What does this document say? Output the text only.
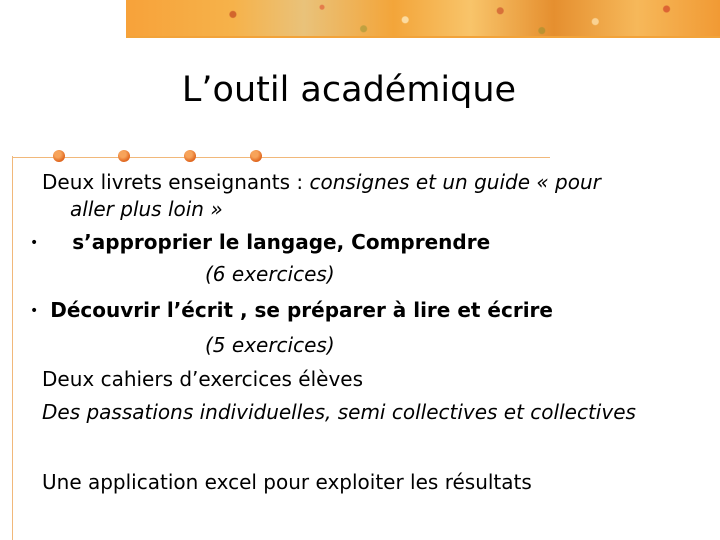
L’outil académique
Deux livrets enseignants : consignes et un guide « pour
aller plus loin »
• s’approprier le langage, Comprendre
(6 exercices)
• Découvrir l’écrit , se préparer à lire et écrire
(5 exercices)
Deux cahiers d’exercices élèves
Des passations individuelles, semi collectives et collectives
Une application excel pour exploiter les résultats
